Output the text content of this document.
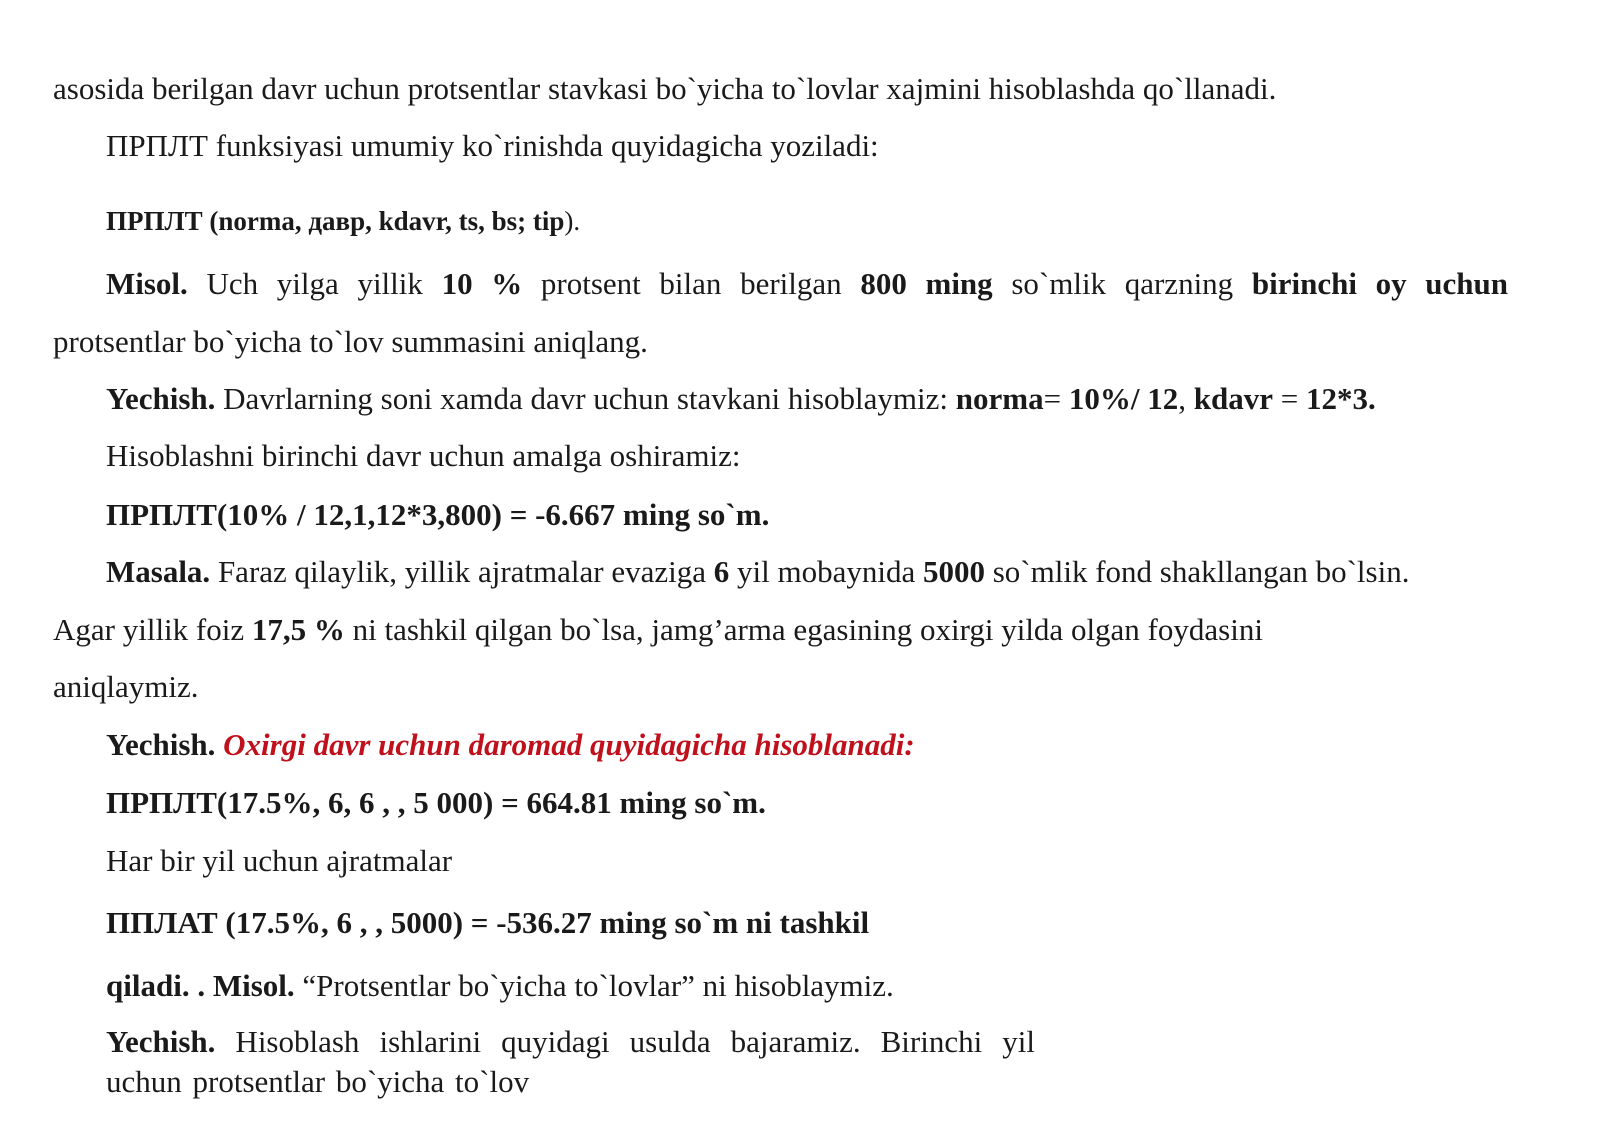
asosida berilgan davr uchun protsentlar stavkasi bo`yicha to`lovlar xajmini hisoblashda qo`llanadi.
ПРПЛТ funksiyasi umumiy ko`rinishda quyidagicha yoziladi:
ПРПЛТ (norma, давр, kdavr, ts, bs; tip).
Misol. Uch yilga yillik 10 % protsent bilan berilgan 800 ming so`mlik qarzning birinchi oy uchun
protsentlar bo`yicha to`lov summasini aniqlang.
Yechish. Davrlarning soni xamda davr uchun stavkani hisoblaymiz: norma= 10%/ 12, kdavr = 12*3.
Hisoblashni birinchi davr uchun amalga oshiramiz:
ПРПЛТ(10% / 12,1,12*3,800) = -6.667 ming so`m.
Masala. Faraz qilaylik, yillik ajratmalar evaziga 6 yil mobaynida 5000 so`mlik fond shakllangan bo`lsin.
Agar yillik foiz 17,5 % ni tashkil qilgan bo`lsa, jamg’arma egasining oxirgi yilda olgan foydasini
aniqlaymiz.
Yechish. Oxirgi davr uchun daromad quyidagicha hisoblanadi:
ПРПЛТ(17.5%, 6, 6 , , 5 000) = 664.81 ming so`m.
Har bir yil uchun ajratmalar
ППЛАТ (17.5%, 6 , , 5000) = -536.27 ming so`m ni tashkil
qiladi. . Misol. “Protsentlar bo`yicha to`lovlar” ni hisoblaymiz.
Yechish. Hisoblash ishlarini quyidagi usulda bajaramiz. Birinchi yil
uchun protsentlar bo`yicha to`lov
